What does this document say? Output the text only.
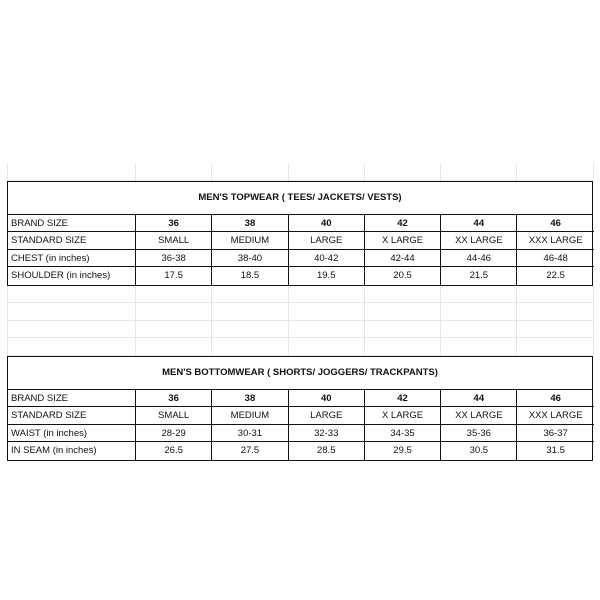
MEN'S TOPWEAR ( TEES/ JACKETS/ VESTS)
BRAND SIZE	36	38	40	42	44	46
STANDARD SIZE	SMALL	MEDIUM	LARGE	X LARGE	XX LARGE	XXX LARGE
CHEST (in inches)	36-38	38-40	40-42	42-44	44-46	46-48
SHOULDER (in inches)	17.5	18.5	19.5	20.5	21.5	22.5
MEN'S BOTTOMWEAR ( SHORTS/ JOGGERS/ TRACKPANTS)
BRAND SIZE	36	38	40	42	44	46
STANDARD SIZE	SMALL	MEDIUM	LARGE	X LARGE	XX LARGE	XXX LARGE
WAIST (in inches)	28-29	30-31	32-33	34-35	35-36	36-37
IN SEAM (in inches)	26.5	27.5	28.5	29.5	30.5	31.5
